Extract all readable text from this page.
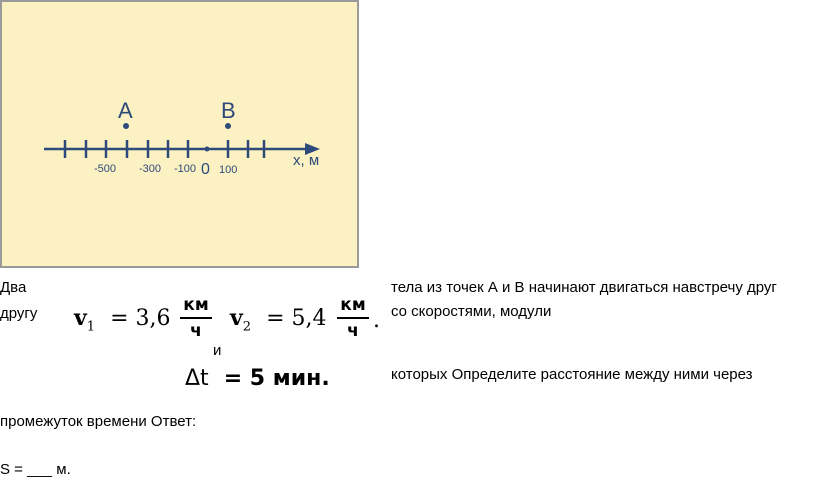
A	B
-500 -300 -100 0 100
x, м
Два
другу
тела из точек А и В начинают двигаться навстречу друг
со скоростями, модули
и
которых Определите расстояние между ними через
промежуток времени Ответ:
S = ___ м.
$v_1 = 3,6$
км
ч	$v_2 = 5,4$
км
ч .
Δt = 5 мин.
